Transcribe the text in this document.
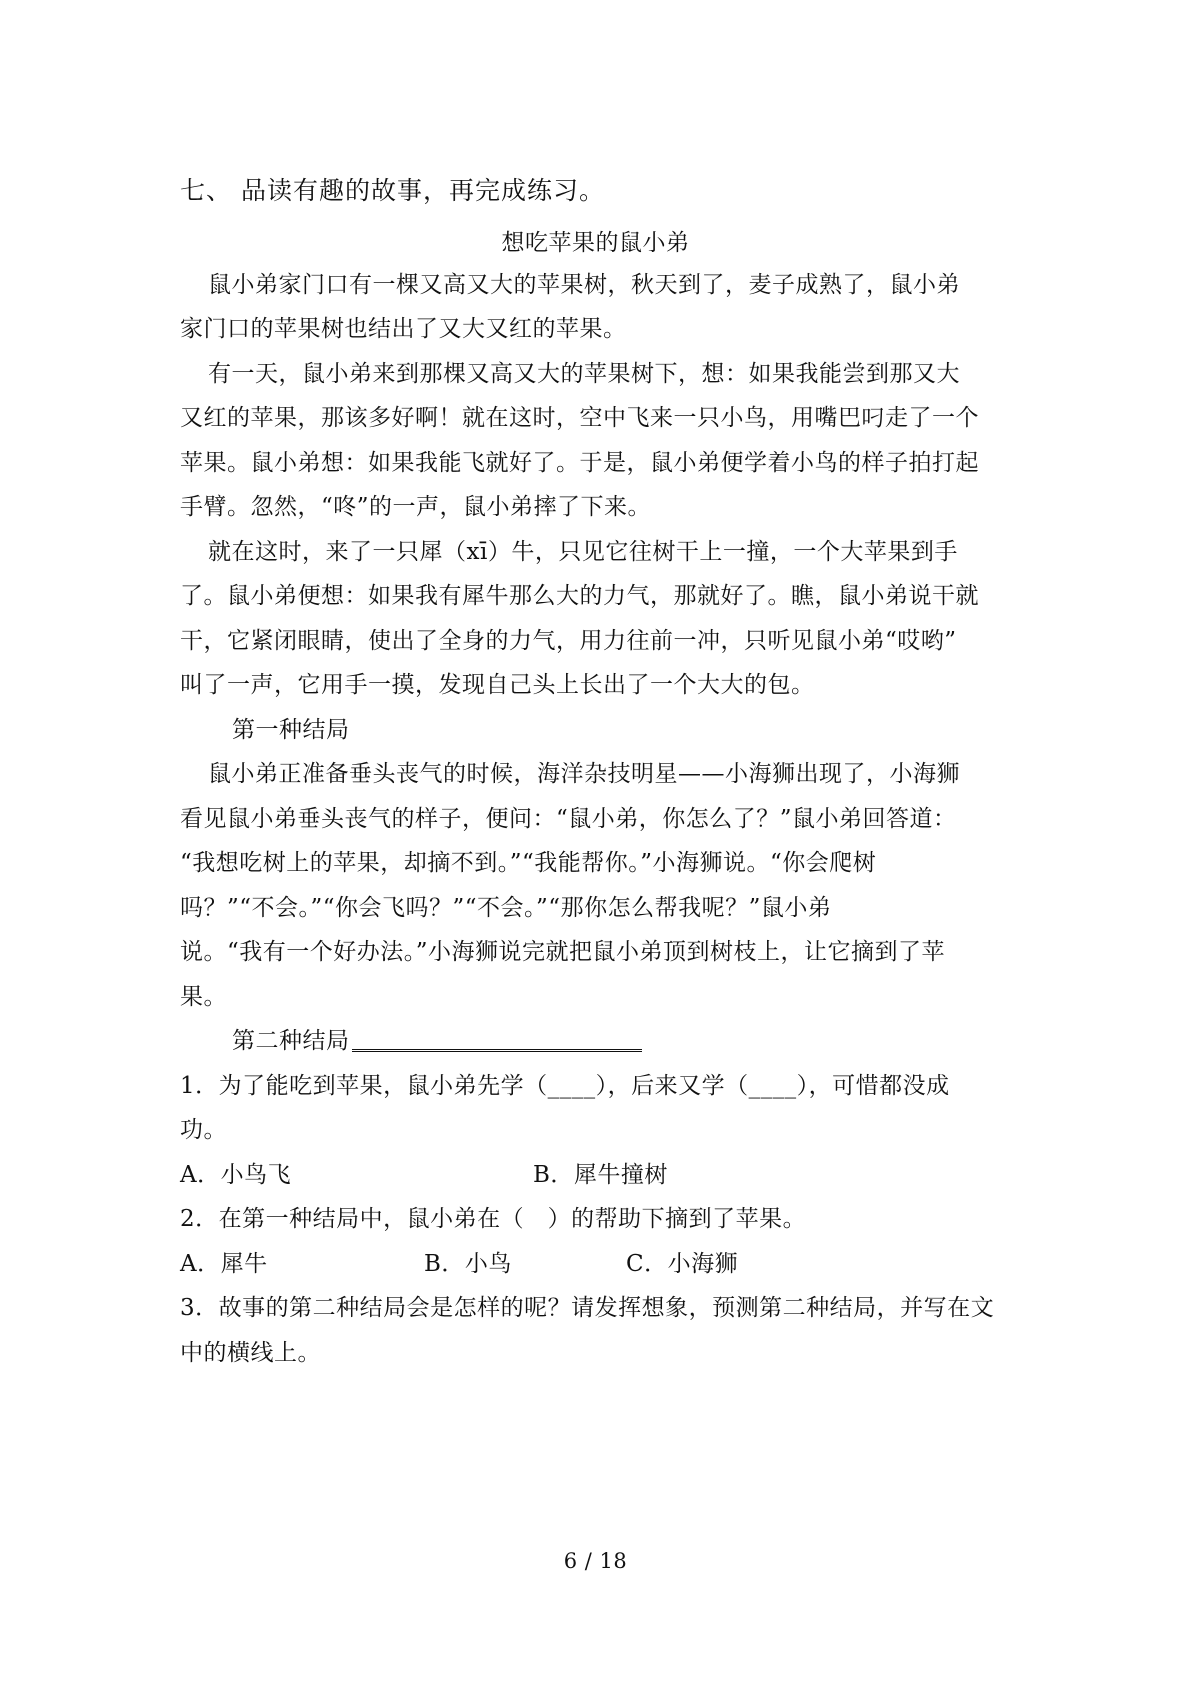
七、 品读有趣的故事，再完成练习。
想吃苹果的鼠小弟
鼠小弟家门口有一棵又高又大的苹果树，秋天到了，麦子成熟了，鼠小弟
家门口的苹果树也结出了又大又红的苹果。
有一天，鼠小弟来到那棵又高又大的苹果树下，想：如果我能尝到那又大
又红的苹果，那该多好啊！就在这时，空中飞来一只小鸟，用嘴巴叼走了一个
苹果。鼠小弟想：如果我能飞就好了。于是，鼠小弟便学着小鸟的样子拍打起
手臂。忽然，“咚”的一声，鼠小弟摔了下来。
就在这时，来了一只犀（xī）牛，只见它往树干上一撞，一个大苹果到手
了。鼠小弟便想：如果我有犀牛那么大的力气，那就好了。瞧，鼠小弟说干就
干，它紧闭眼睛，使出了全身的力气，用力往前一冲，只听见鼠小弟“哎哟”
叫了一声，它用手一摸，发现自己头上长出了一个大大的包。
第一种结局
鼠小弟正准备垂头丧气的时候，海洋杂技明星——小海狮出现了，小海狮
看见鼠小弟垂头丧气的样子，便问：“鼠小弟，你怎么了？”鼠小弟回答道：
“我想吃树上的苹果，却摘不到。”“我能帮你。”小海狮说。“你会爬树
吗？”“不会。”“你会飞吗？”“不会。”“那你怎么帮我呢？”鼠小弟
说。“我有一个好办法。”小海狮说完就把鼠小弟顶到树枝上，让它摘到了苹
果。
第二种结局
1．为了能吃到苹果，鼠小弟先学（____），后来又学（____），可惜都没成
功。
A．小鸟飞	B．犀牛撞树
2．在第一种结局中，鼠小弟在（　）的帮助下摘到了苹果。
A．犀牛	B．小鸟	C．小海狮
3．故事的第二种结局会是怎样的呢？请发挥想象，预测第二种结局，并写在文
中的横线上。
6 / 18
